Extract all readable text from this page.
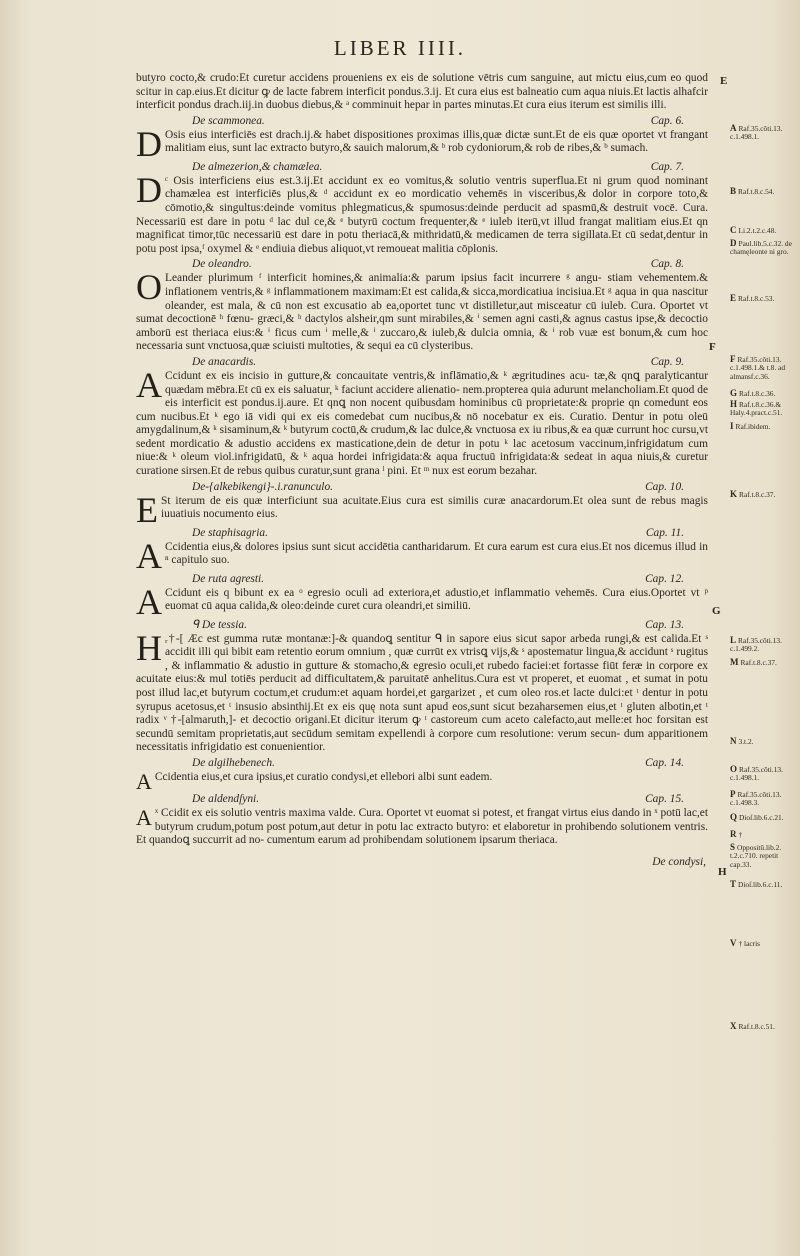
LIBER IIII.

butyro cocto,& crudo:Et curetur accidens proueniens ex eis de solutione vētris cum sanguine, aut mictu eius,cum eo quod scitur in cap.eius.Et dicitur ꝙ de lacte fabrem interficit pondus.3.ij. Et cura eius est balneatio cum aqua niuis.Et lactis alhafcir interficit pondus drach.iij.in duobus diebus,& ᵃ comminuit hepar in partes minutas.Et cura eius iterum est similis illi.

De scammonea.	Cap. 6.
D Osis eius interficiēs est drach.ij.& habet dispositiones proximas illis,quæ dictæ sunt.Et de eis quæ oportet vt frangant malitiam eius, sunt lac extracto butyro,& sauich malorum,& ᵇ rob cydoniorum,& rob de ribes,& ᵇ sumach.

De almezerion,& chamælea.	Cap. 7.
D ᶜ Osis interficiens eius est.3.ij.Et accidunt ex eo vomitus,& solutio ventris superflua.Et ni grum quod nominant chamælea est interficiēs plus,& ᵈ accidunt ex eo mordicatio vehemēs in visceribus,& dolor in corpore toto,& cōmotio,& singultus:deinde vomitus phlegmaticus,& spumosus:deinde perducit ad spasmū,& destruit vocē. Cura. Necessariū est dare in potu ᵈ lac dul ce,& ᵉ butyrū coctum frequenter,& ᵉ iuleb iterū,vt illud frangat malitiam eius.Et qn magnificat timor,tūc necessariū est dare in potu theriacā,& mithridatū,& medicamen de terra sigillata.Et cū sedat,dentur in potu post ipsa,ᶠ oxymel & ᵉ endiuia diebus aliquot,vt remoueat malitia cōplonis.

De oleandro.	Cap. 8.
O Leander plurimum ᶠ interficit homines,& animalia:& parum ipsius facit incurrere ᵍ angu- stiam vehementem.& inflationem ventris,& ᵍ inflammationem maximam:Et est calida,& sicca,mordicatiua incisiua.Et ᵍ aqua in qua nascitur oleander, est mala, & cū non est excusatio ab ea,oportet tunc vt distilletur,aut misceatur cū iuleb. Cura. Oportet vt sumat decoctionē ʰ fœnu- græci,& ʰ dactylos alsheir,qm sunt mirabiles,& ⁱ semen agni casti,& agnus castus ipse,& decoctio amborū est theriaca eius:& ⁱ ficus cum ⁱ melle,& ⁱ zuccaro,& iuleb,& dulcia omnia, & ⁱ rob vuæ est bonum,& cum hoc necessaria sunt vnctuosa,quæ sciuisti multoties, & sequi ea cū clysteribus.

De anacardis.	Cap. 9.
A Ccidunt ex eis incisio in gutture,& concauitate ventris,& inflāmatio,& ᵏ ægritudines acu- tæ,& qnꝗ paralyticantur quædam mēbra.Et cū ex eis saluatur, ᵏ faciunt accidere alienatio- nem.propterea quia adurunt melancholiam.Et quod de eis interficit est pondus.ij.aure. Et qnꝗ non nocent quibusdam hominibus cū proprietate:& proprie qn comedunt eos cum nucibus.Et ᵏ ego iā vidi qui ex eis comedebat cum nucibus,& nō nocebatur ex eis. Curatio. Dentur in potu oleū amygdalinum,& ᵏ sisaminum,& ᵏ butyrum coctū,& crudum,& lac dulce,& vnctuosa ex iu ribus,& ea quæ currunt hoc cursu,vt sedent mordicatio & adustio accidens ex masticatione,dein de detur in potu ᵏ lac acetosum vaccinum,infrigidatum cum niue:& ᵏ oleum viol.infrigidatū, & ᵏ aqua hordei infrigidata:& aqua fructuū infrigidata:& sedeat in aqua niuis,& curetur curatione sirsen.Et de rebus quibus curatur,sunt grana ˡ pini. Et ᵐ nux est eorum bezahar.

De-{alkebikengi}-.i.ranunculo.	Cap. 10.
E St iterum de eis quæ interficiunt sua acuitate.Eius cura est similis curæ anacardorum.Et olea sunt de rebus magis iuuatiuis nocumento eius.

De staphisagria.	Cap. 11.
A Ccidentia eius,& dolores ipsius sunt sicut accidētia cantharidarum. Et cura earum est cura eius.Et nos dicemus illud in ⁿ capitulo suo.

De ruta agresti.	Cap. 12.
A Ccidunt eis q bibunt ex ea ᵒ egresio oculi ad exteriora,et adustio,et inflammatio vehemēs. Cura eius.Oportet vt ᵖ euomat cū aqua calida,& oleo:deinde curet cura oleandri,et similiū.

ᑫ De tessia.	Cap. 13.
H ᵣ†-[ Æc est gumma rutæ montanæ:]-& quandoꝗ sentitur ᑫ in sapore eius sicut sapor arbeda rungi,& est calida.Et ˢ accidit illi qui bibit eam retentio eorum omnium , quæ currūt ex vtrisꝗ vijs,& ˢ apostematur lingua,& accidunt ˢ rugitus , & inflammatio & adustio in gutture & stomacho,& egresio oculi,et rubedo faciei:et fortasse fiūt feræ in corpore ex acuitate eius:& mul totiēs perducit ad difficultatem,& paruitatē anhelitus.Cura est vt properet, et euomat , et sumat in potu post illud lac,et butyrum coctum,et crudum:et aquam hordei,et gargarizet , et cum oleo ros.et lacte dulci:et ᵗ dentur in potu syrupus acetosus,et ᵗ insusio absinthij.Et ex eis quę nota sunt apud eos,sunt sicut bezaharsemen eius,et ᵗ gluten albotin,et ᵗ radix ᵛ †-[almaruth,]- et decoctio origani.Et dicitur iterum ꝙ ᵗ castoreum cum aceto calefacto,aut melle:et hoc forsitan est secundū semitam proprietatis,aut secūdum semitam expellendi à corpore cum resolutione: verum secun- dum apparitionem necessitatis infrigidatio est conuenientior.

De algilhebenech.	Cap. 14.
A Ccidentia eius,et cura ipsius,et curatio condysi,et ellebori albi sunt eadem.

De aldendſyni.	Cap. 15.
A ˣ Ccidit ex eis solutio ventris maxima valde. Cura. Oportet vt euomat si potest, et frangat virtus eius dando in ˣ potū lac,et butyrum crudum,potum post potum,aut detur in potu lac extracto butyro: et elaboretur in prohibendo solutionem ventris. Et quandoꝗ succurrit ad no- cumentum earum ad prohibendam solutionem ipsarum theriaca.

De condysi,
E
F
G
H
A Raf.35.cōti.13. c.1.498.1.
B Raf.t.8.c.54.
C Li.2.t.2.c.48.
D Paul.lib.5.c.32. de chamęleonte ni gro.
E Raf.t.8.c.53.
F Raf.35.cōti.13. c.1.498.1.& t.8. ad almansf.c.36.
G Raf.t.8.c.36.
H Raf.t.8.c.36.& Haly.4.pract.c.51.
I Raf.ibidem.
K Raf.t.8.c.37.
L Raf.35.cōti.13. c.1.499.2.
M Raf.t.8.c.37.
N 3.t.2.
O Raf.35.cōti.13. c.1.498.1.
P Raf.35.cōti.13. c.1.498.3.
Q Dioſ.lib.6.c.21.
R †
S Oppositū.lib.2. t.2.c.710. repetit cap.33.
T Dioſ.lib.6.c.11.
V † lacris
X Raf.t.8.c.51.
